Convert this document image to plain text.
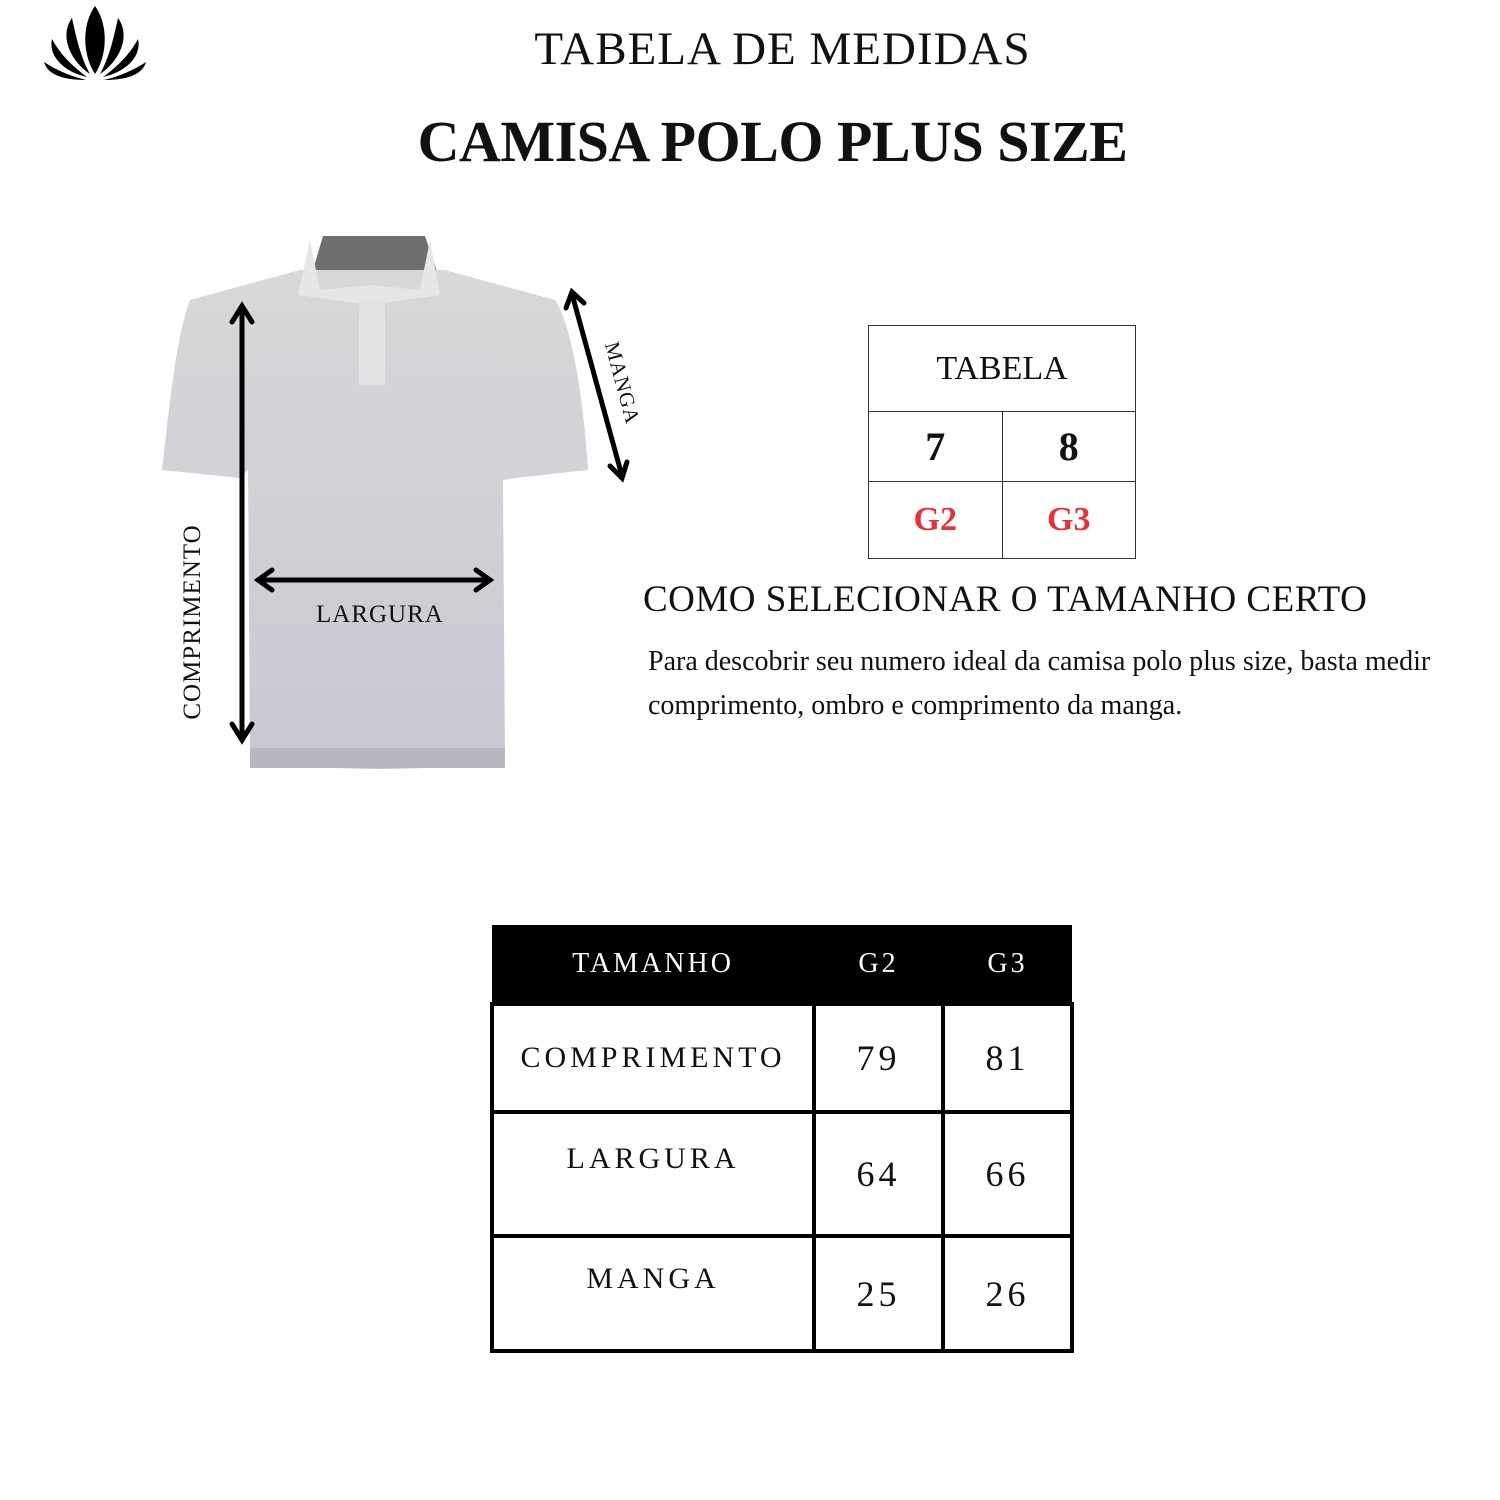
TABELA DE MEDIDAS
CAMISA POLO PLUS SIZE
LARGURA
COMPRIMENTO
MANGA	TABELA	
7	8
G2	G3
COMO SELECIONAR O TAMANHO CERTO
Para descobrir seu numero ideal da camisa polo plus size, basta medir comprimento, ombro e comprimento da manga.
TAMANHO	G2	G3
COMPRIMENTO	79	81
LARGURA	64	66
MANGA	25	26
